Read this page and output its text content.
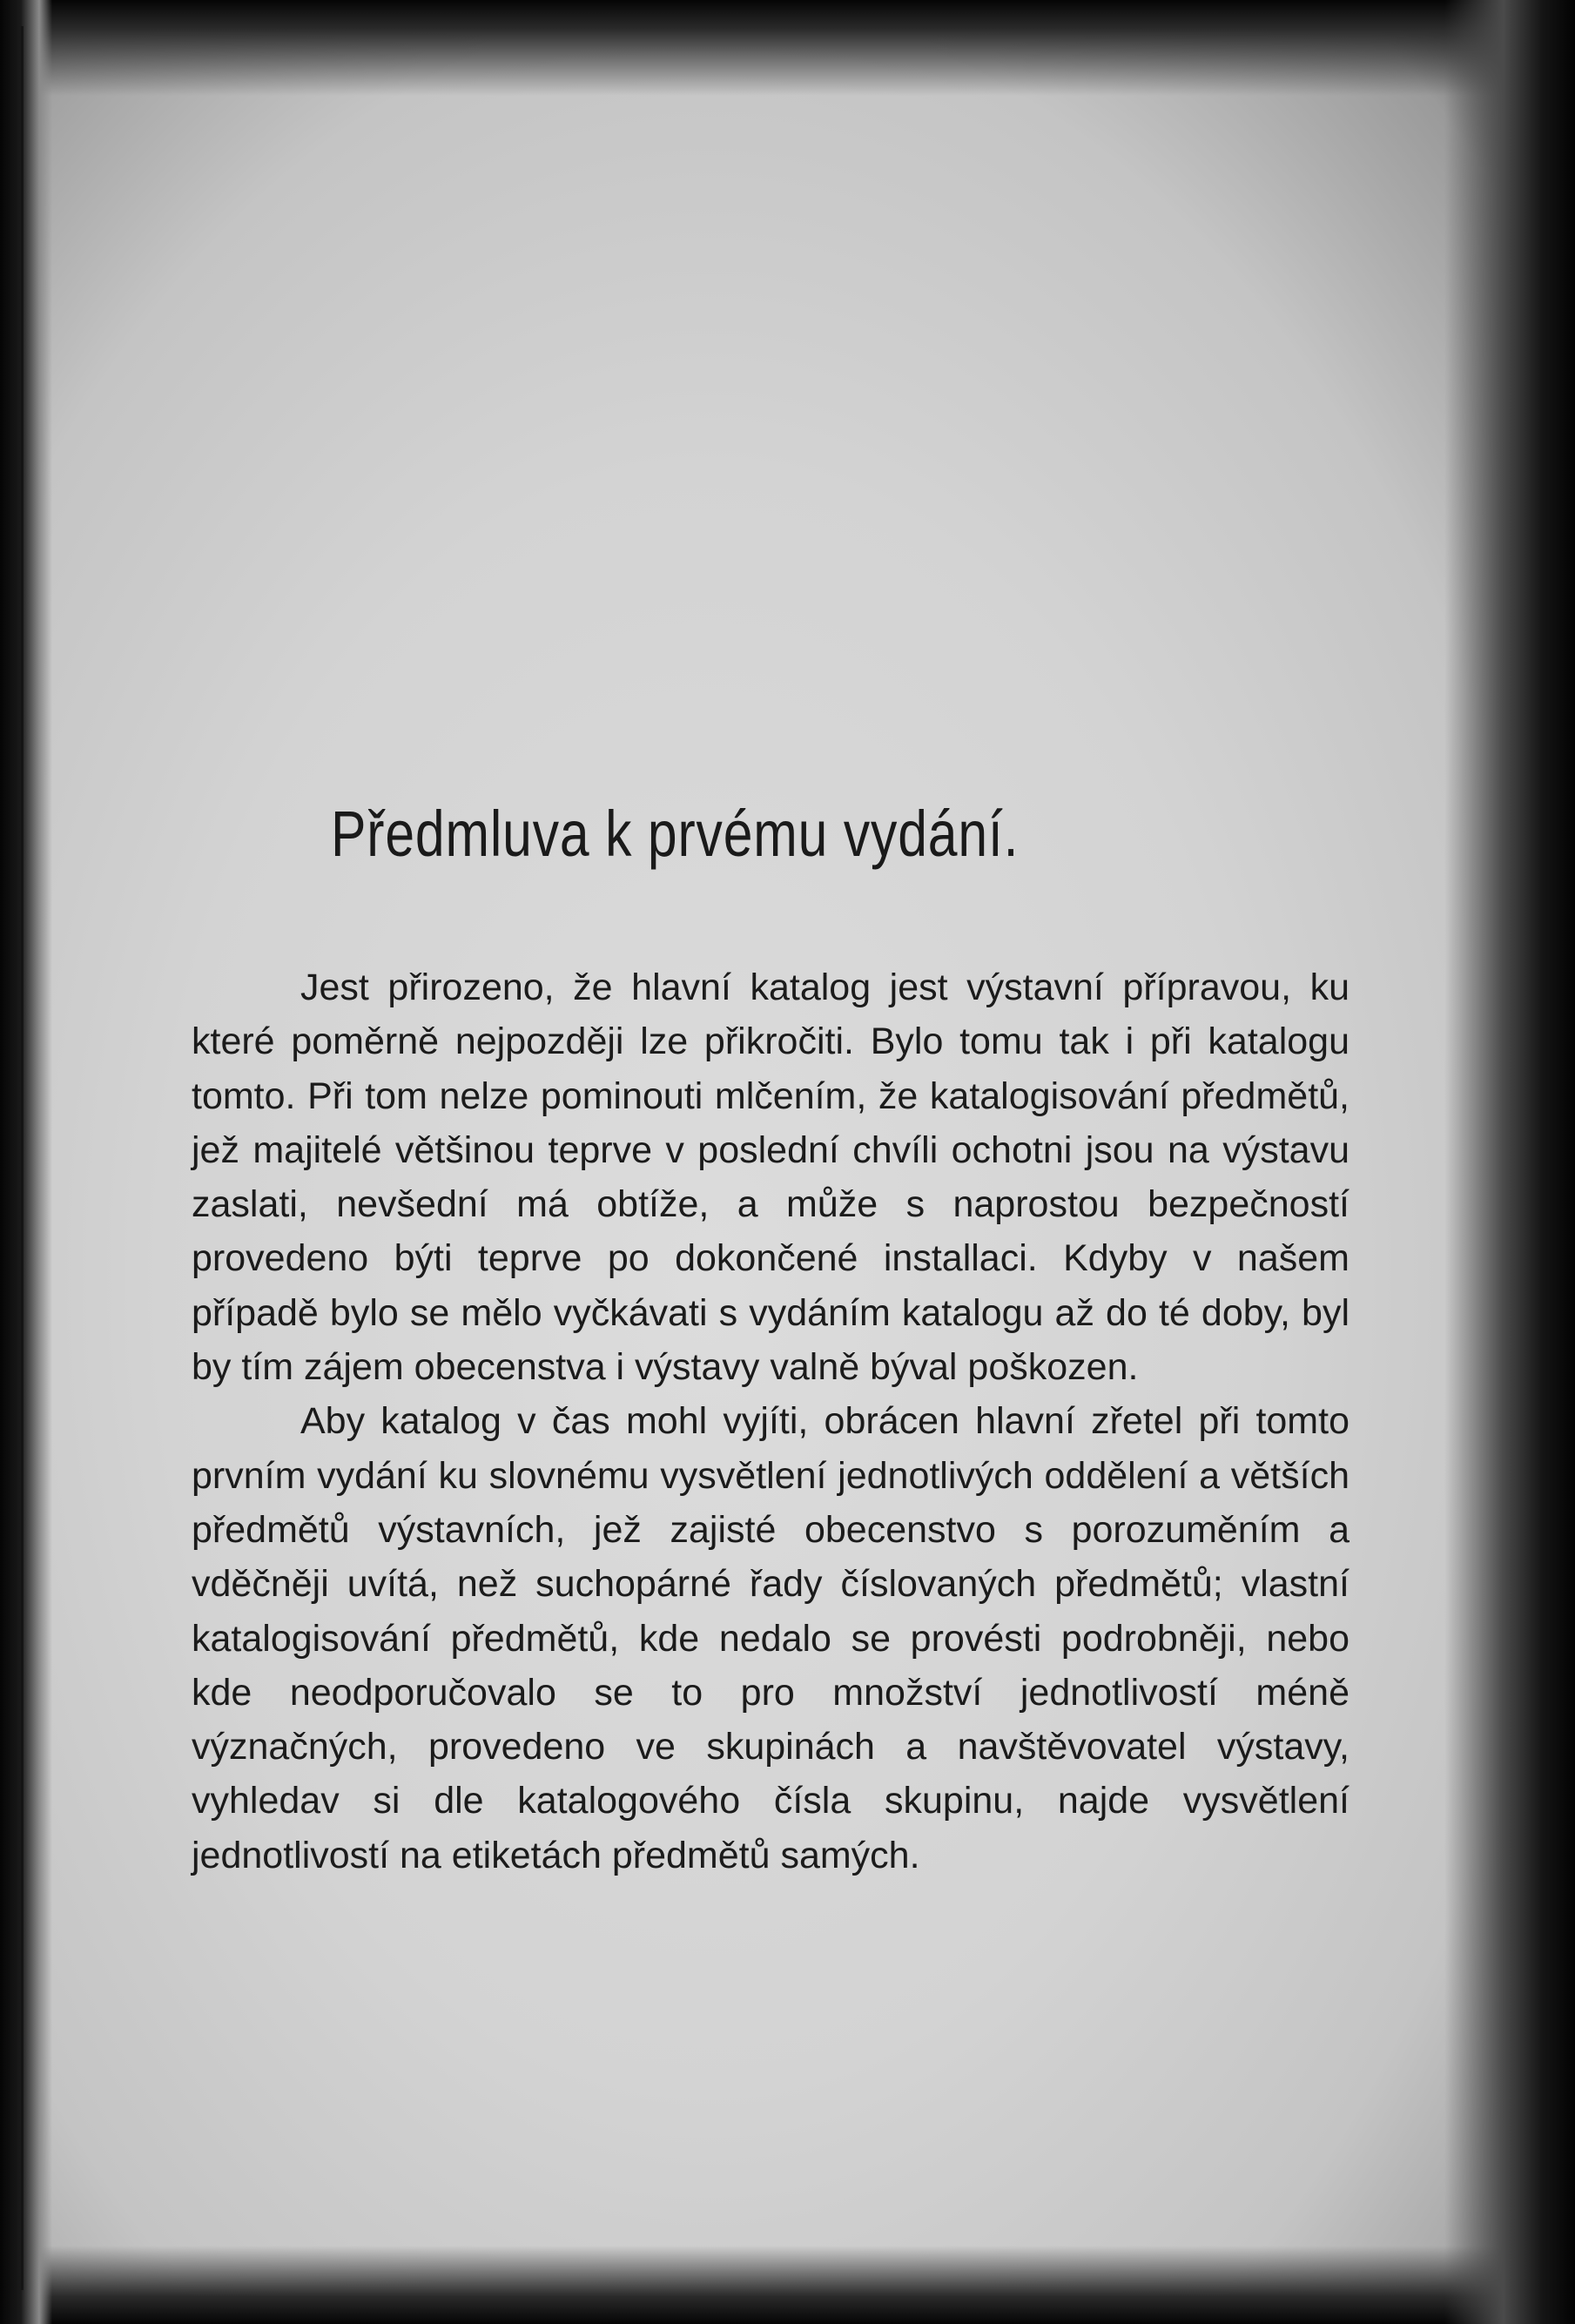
Předmluva k prvému vydání.

Jest přirozeno, že hlavní katalog jest výstavní přípravou, ku které poměrně nejpozději lze přikročiti. Bylo tomu tak i při katalogu tomto. Při tom nelze pominouti mlčením, že katalogisování předmětů, jež majitelé většinou teprve v poslední chvíli ochotni jsou na výstavu zaslati, nevšední má obtíže, a může s naprostou bezpečností provedeno býti teprve po dokončené installaci. Kdyby v našem případě bylo se mělo vyčkávati s vydáním katalogu až do té doby, byl by tím zájem obecenstva i výstavy valně býval poškozen.

Aby katalog v čas mohl vyjíti, obrácen hlavní zřetel při tomto prvním vydání ku slovnému vysvětlení jednotlivých oddělení a větších předmětů výstavních, jež zajisté obecenstvo s porozuměním a vděčněji uvítá, než suchopárné řady číslovaných předmětů; vlastní katalogisování předmětů, kde nedalo se provésti podrobněji, nebo kde neodporučovalo se to pro množství jednotlivostí méně význačných, provedeno ve skupinách a navštěvovatel výstavy, vyhledav si dle katalogového čísla skupinu, najde vysvětlení jednotlivostí na etiketách předmětů samých.
